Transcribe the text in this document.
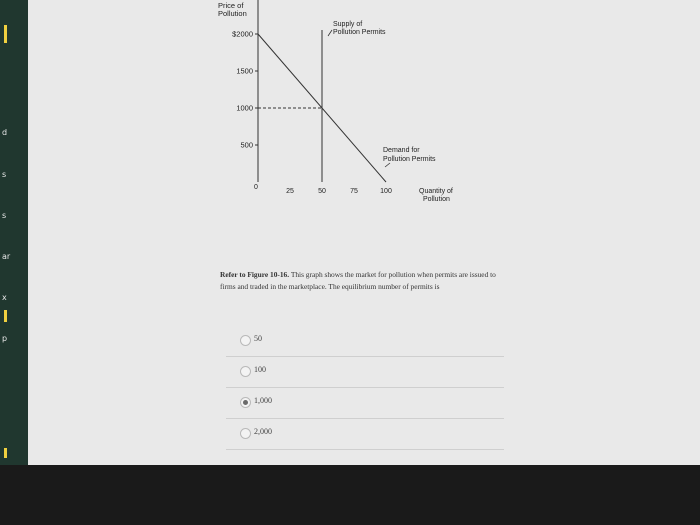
d
s
s
ar
x
p
Price of
Pollution
$2000
1500
1000
500
0
25	50	75	100
Supply of
Pollution Permits
Demand for
Pollution Permits
Quantity of
Pollution
Refer to Figure 10-16. This graph shows the market for pollution when permits are issued to firms and traded in the marketplace. The equilibrium number of permits is
50
100
1,000
2,000
